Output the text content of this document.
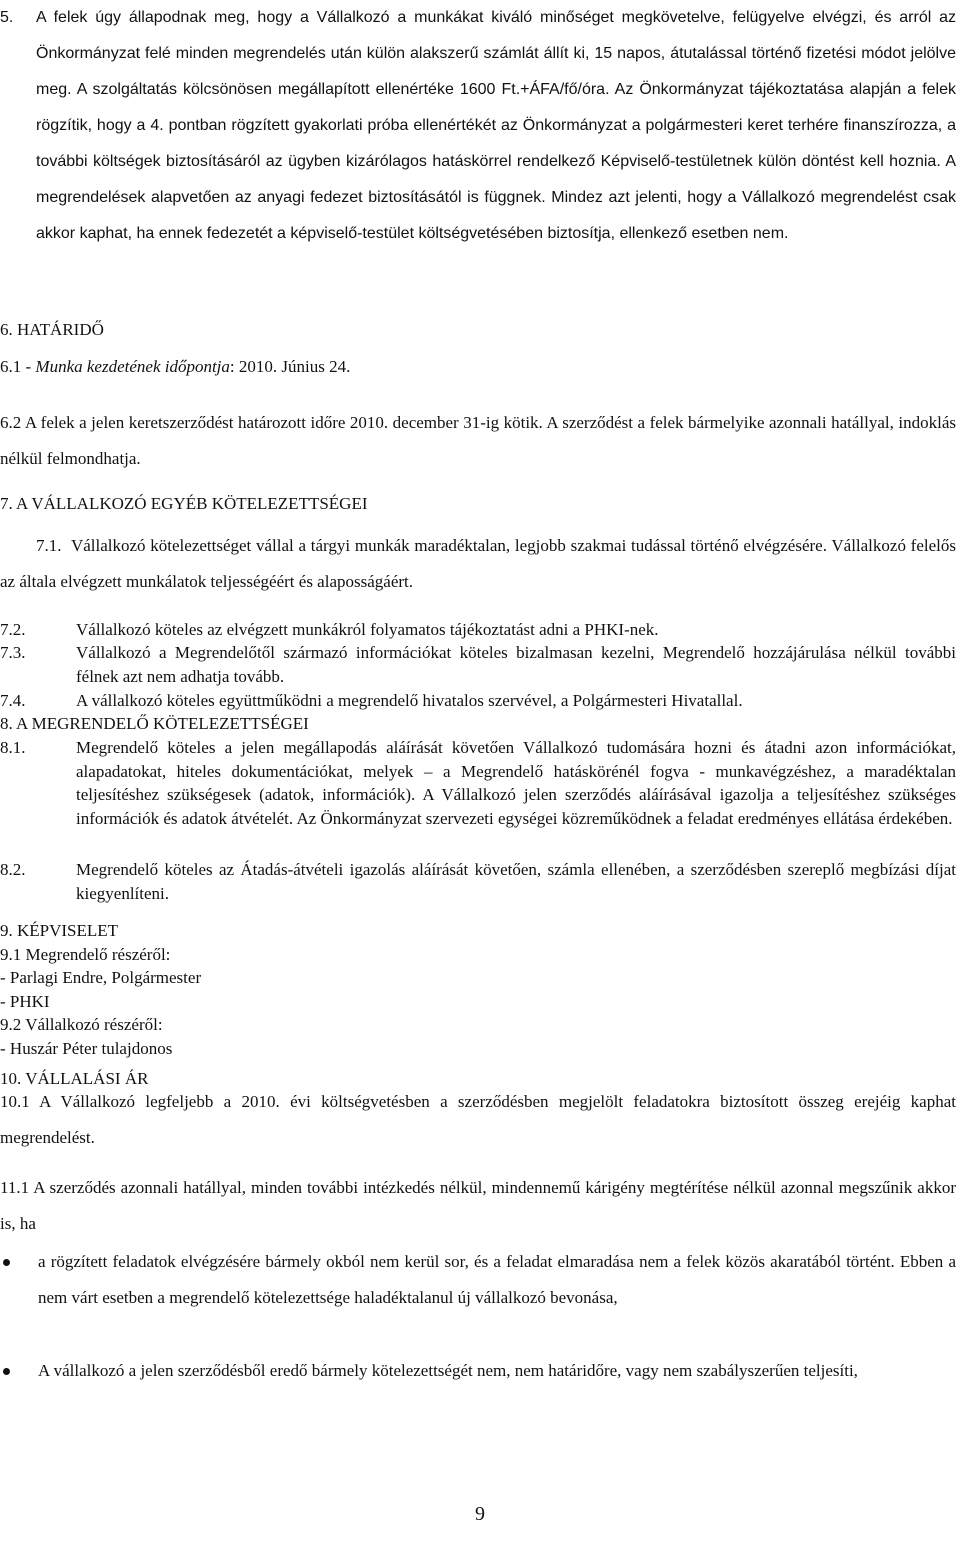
5.	A felek úgy állapodnak meg, hogy a Vállalkozó a munkákat kiváló minőséget megkövetelve, felügyelve elvégzi, és arról az Önkormányzat felé minden megrendelés után külön alakszerű számlát állít ki, 15 napos, átutalással történő fizetési módot jelölve meg. A szolgáltatás kölcsönösen megállapított ellenértéke 1600 Ft.+ÁFA/fő/óra. Az Önkormányzat tájékoztatása alapján a felek rögzítik, hogy a 4. pontban rögzített gyakorlati próba ellenértékét az Önkormányzat a polgármesteri keret terhére finanszírozza, a további költségek biztosításáról az ügyben kizárólagos hatáskörrel rendelkező Képviselő-testületnek külön döntést kell hoznia. A megrendelések alapvetően az anyagi fedezet biztosításától is függnek. Mindez azt jelenti, hogy a Vállalkozó megrendelést csak akkor kaphat, ha ennek fedezetét a képviselő-testület költségvetésében biztosítja, ellenkező esetben nem.
6. HATÁRIDŐ
6.1 - Munka kezdetének időpontja: 2010. Június 24.
6.2 A felek a jelen keretszerződést határozott időre 2010. december 31-ig kötik. A szerződést a felek bármelyike azonnali hatállyal, indoklás nélkül felmondhatja.
7. A VÁLLALKOZÓ EGYÉB KÖTELEZETTSÉGEI
7.1. Vállalkozó kötelezettséget vállal a tárgyi munkák maradéktalan, legjobb szakmai tudással történő elvégzésére. Vállalkozó felelős az általa elvégzett munkálatok teljességéért és alaposságáért.
7.2.	Vállalkozó köteles az elvégzett munkákról folyamatos tájékoztatást adni a PHKI-nek.
7.3.	Vállalkozó a Megrendelőtől származó információkat köteles bizalmasan kezelni, Megrendelő hozzájárulása nélkül további félnek azt nem adhatja tovább.
7.4.	A vállalkozó köteles együttműködni a megrendelő hivatalos szervével, a Polgármesteri Hivatallal.
8. A MEGRENDELŐ KÖTELEZETTSÉGEI
8.1.	Megrendelő köteles a jelen megállapodás aláírását követően Vállalkozó tudomására hozni és átadni azon információkat, alapadatokat, hiteles dokumentációkat, melyek – a Megrendelő hatáskörénél fogva - munkavégzéshez, a maradéktalan teljesítéshez szükségesek (adatok, információk). A Vállalkozó jelen szerződés aláírásával igazolja a teljesítéshez szükséges információk és adatok átvételét. Az Önkormányzat szervezeti egységei közreműködnek a feladat eredményes ellátása érdekében.
8.2.	Megrendelő köteles az Átadás-átvételi igazolás aláírását követően, számla ellenében, a szerződésben szereplő megbízási díjat kiegyenlíteni.
9. KÉPVISELET
9.1 Megrendelő részéről:
- Parlagi Endre, Polgármester
- PHKI
9.2 Vállalkozó részéről:
- Huszár Péter tulajdonos
10. VÁLLALÁSI ÁR
10.1 A Vállalkozó legfeljebb a 2010. évi költségvetésben a szerződésben megjelölt feladatokra biztosított összeg erejéig kaphat megrendelést.
11.1 A szerződés azonnali hatállyal, minden további intézkedés nélkül, mindennemű kárigény megtérítése nélkül azonnal megszűnik akkor is, ha
a rögzített feladatok elvégzésére bármely okból nem kerül sor, és a feladat elmaradása nem a felek közös akaratából történt. Ebben a nem várt esetben a megrendelő kötelezettsége haladéktalanul új vállalkozó bevonása,
A vállalkozó a jelen szerződésből eredő bármely kötelezettségét nem, nem határidőre, vagy nem szabályszerűen teljesíti,
9
